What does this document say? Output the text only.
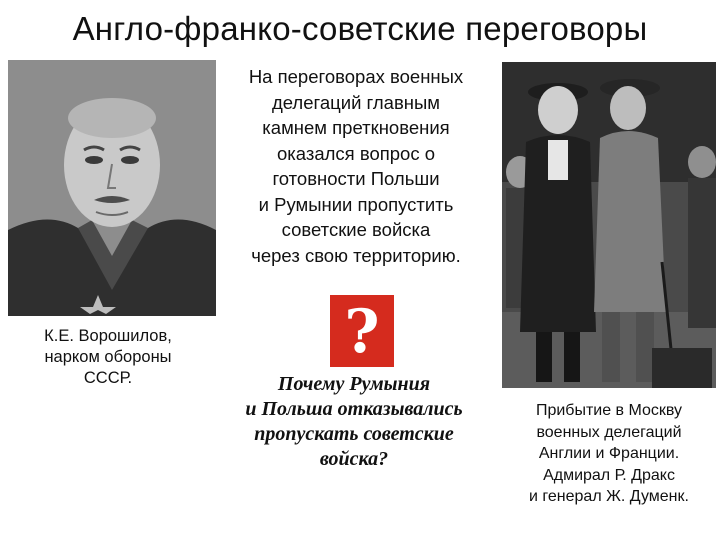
Англо-франко-советские переговоры
К.Е. Ворошилов,
нарком обороны
СССР.
На переговорах военных
делегаций главным
камнем преткновения
оказался вопрос о
готовности Польши
и Румынии пропустить
советские войска
через свою территорию.
?
Почему Румыния
и Польша отказывались
пропускать советские
войска?
Прибытие в Москву
военных делегаций
Англии и Франции.
Адмирал Р. Дракс
и генерал Ж. Думенк.
